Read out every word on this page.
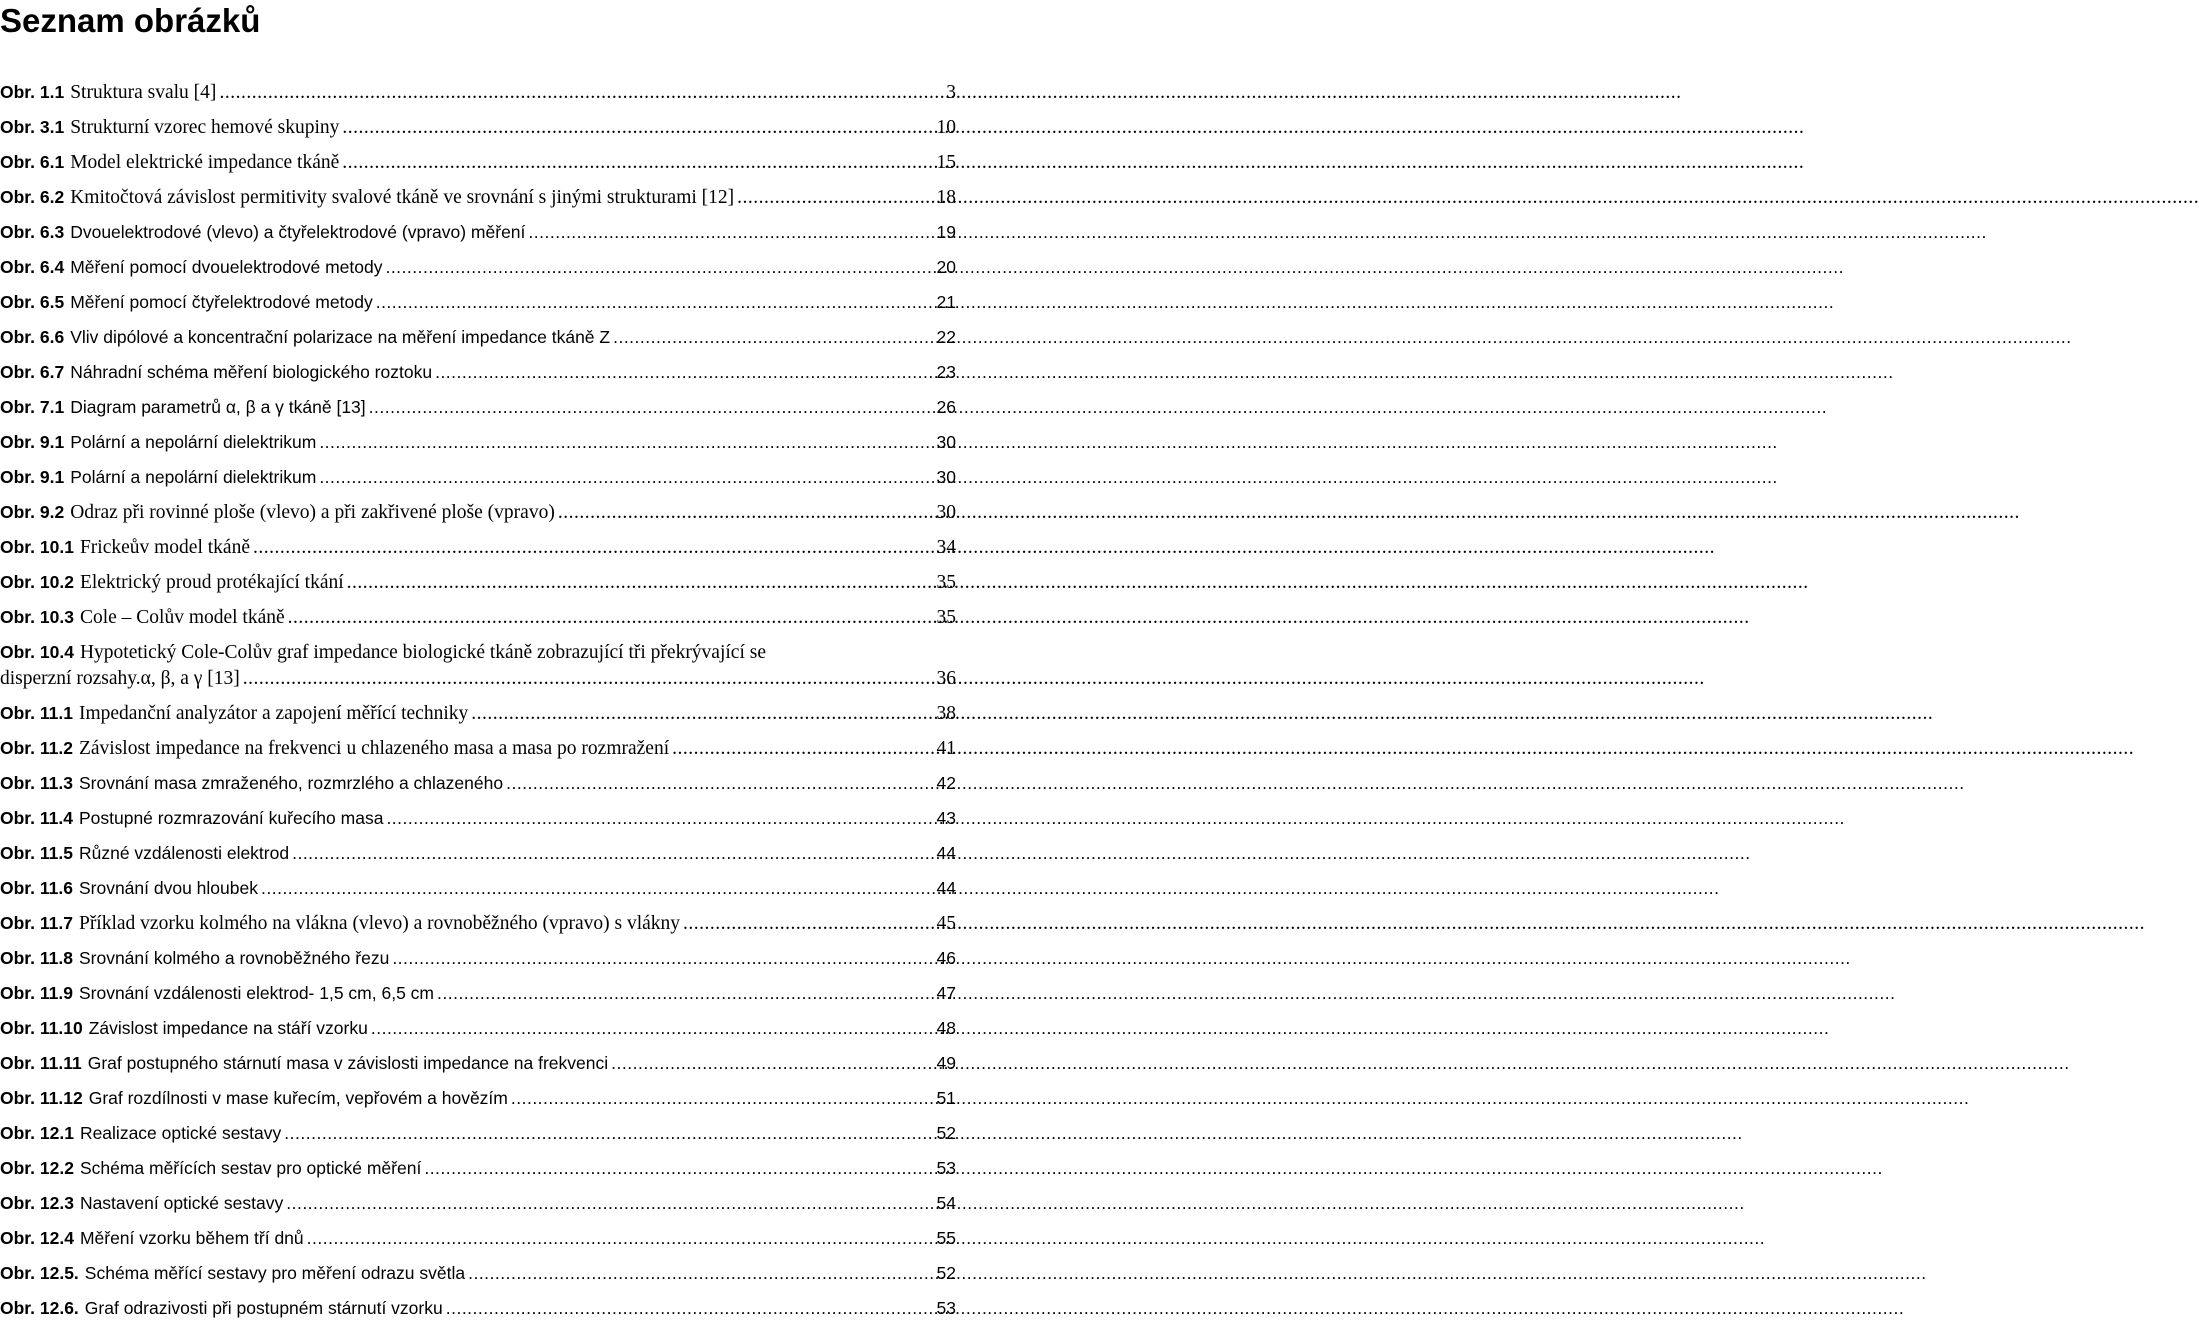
Seznam obrázků
Obr. 1.1 Struktura svalu [4] .....	3
Obr. 3.1 Strukturní vzorec hemové skupiny .....	10
Obr. 6.1 Model elektrické impedance tkáně .....	15
Obr. 6.2 Kmitočtová závislost permitivity svalové tkáně ve srovnání s jinými strukturami [12] .....	18
Obr. 6.3 Dvouelektrodové (vlevo) a čtyřelektrodové (vpravo) měření .....	19
Obr. 6.4 Měření pomocí dvouelektrodové metody .....	20
Obr. 6.5 Měření pomocí čtyřelektrodové metody .....	21
Obr. 6.6 Vliv dipólové a koncentrační polarizace na měření impedance tkáně Z .....	22
Obr. 6.7 Náhradní schéma měření biologického roztoku .....	23
Obr. 7.1 Diagram parametrů α, β a γ tkáně [13] .....	26
Obr. 9.1 Polární a nepolární dielektrikum .....	30
Obr. 9.1 Polární a nepolární dielektrikum .....	30
Obr. 9.2 Odraz při rovinné ploše (vlevo) a při zakřivené ploše (vpravo) .....	30
Obr. 10.1 Frickeův model tkáně .....	34
Obr. 10.2 Elektrický proud protékající tkání .....	35
Obr. 10.3 Cole – Colův model tkáně .....	35
Obr. 10.4 Hypotetický Cole-Colův graf impedance biologické tkáně zobrazující tři překrývající se
disperzní rozsahy.α, β, a γ [13] .....	36
Obr. 11.1 Impedanční analyzátor a zapojení měřící techniky .....	38
Obr. 11.2 Závislost impedance na frekvenci u chlazeného masa a masa po rozmražení .....	41
Obr. 11.3 Srovnání masa zmraženého, rozmrzlého a chlazeného .....	42
Obr. 11.4 Postupné rozmrazování kuřecího masa .....	43
Obr. 11.5 Různé vzdálenosti elektrod .....	44
Obr. 11.6 Srovnání dvou hloubek .....	44
Obr. 11.7 Příklad vzorku kolmého na vlákna (vlevo) a rovnoběžného (vpravo) s vlákny .....	45
Obr. 11.8 Srovnání kolmého a rovnoběžného řezu .....	46
Obr. 11.9 Srovnání vzdálenosti elektrod- 1,5 cm, 6,5 cm .....	47
Obr. 11.10 Závislost impedance na stáří vzorku .....	48
Obr. 11.11 Graf postupného stárnutí masa v závislosti impedance na frekvenci .....	49
Obr. 11.12 Graf rozdílnosti v mase kuřecím, vepřovém a hovězím .....	51
Obr. 12.1 Realizace optické sestavy .....	52
Obr. 12.2 Schéma měřících sestav pro optické měření .....	53
Obr. 12.3 Nastavení optické sestavy .....	54
Obr. 12.4 Měření vzorku během tří dnů .....	55
Obr. 12.5. Schéma měřící sestavy pro měření odrazu světla .....	52
Obr. 12.6. Graf odrazivosti při postupném stárnutí vzorku .....	53
